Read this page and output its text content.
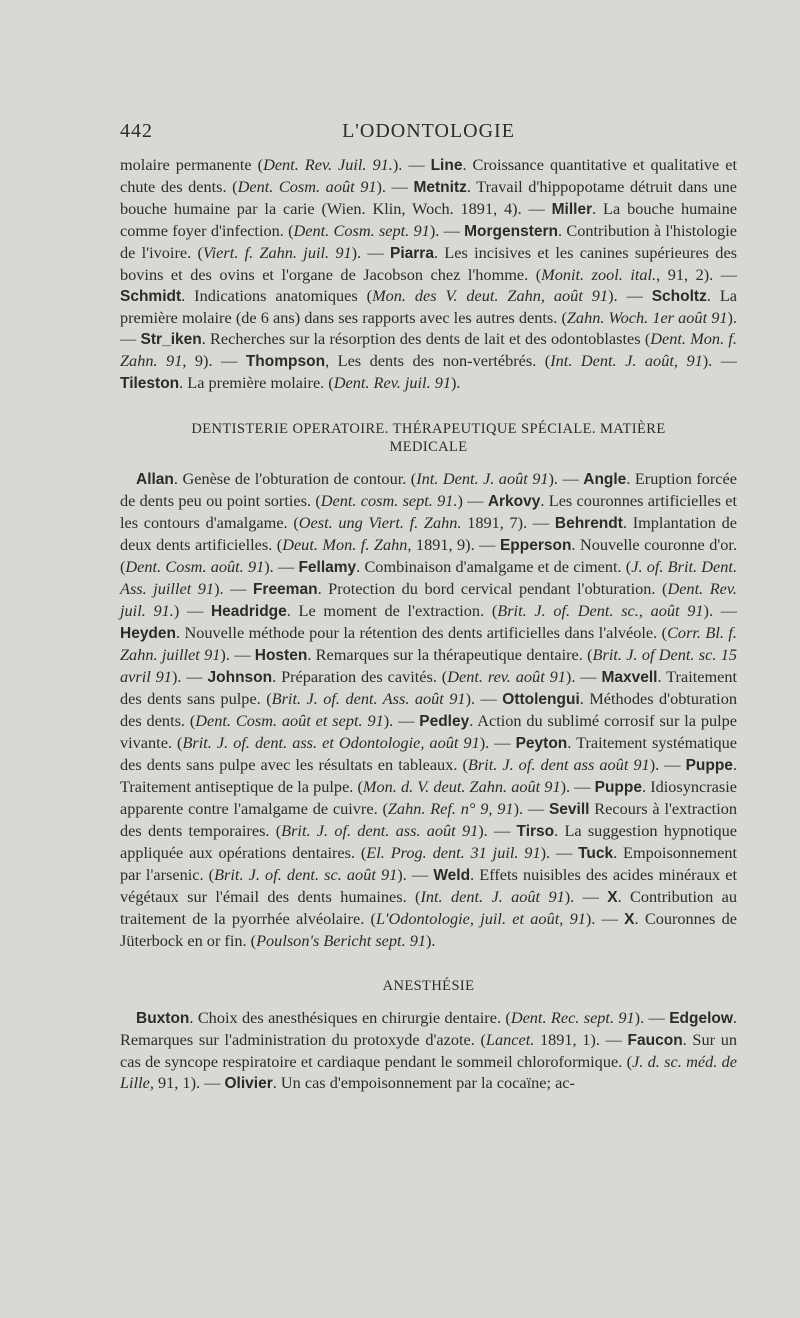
442	L'ODONTOLOGIE

molaire permanente (Dent. Rev. Juil. 91.). — Line. Croissance quantitative et qualitative et chute des dents. (Dent. Cosm. août 91). — Metnitz. Travail d'hippopotame détruit dans une bouche humaine par la carie (Wien. Klin, Woch. 1891, 4). — Miller. La bouche humaine comme foyer d'infection. (Dent. Cosm. sept. 91). — Morgenstern. Contribution à l'histologie de l'ivoire. (Viert. f. Zahn. juil. 91). — Piarra. Les incisives et les canines supérieures des bovins et des ovins et l'organe de Jacobson chez l'homme. (Monit. zool. ital., 91, 2). — Schmidt. Indications anatomiques (Mon. des V. deut. Zahn, août 91). — Scholtz. La première molaire (de 6 ans) dans ses rapports avec les autres dents. (Zahn. Woch. 1er août 91). — Str_iken. Recherches sur la résorption des dents de lait et des odontoblastes (Dent. Mon. f. Zahn. 91, 9). — Thompson, Les dents des non-vertébrés. (Int. Dent. J. août, 91). — Tileston. La première molaire. (Dent. Rev. juil. 91).

DENTISTERIE OPERATOIRE. THÉRAPEUTIQUE SPÉCIALE. MATIÈRE
MEDICALE

Allan. Genèse de l'obturation de contour. (Int. Dent. J. août 91). — Angle. Eruption forcée de dents peu ou point sorties. (Dent. cosm. sept. 91.) — Arkovy. Les couronnes artificielles et les contours d'amalgame. (Oest. ung Viert. f. Zahn. 1891, 7). — Behrendt. Implantation de deux dents artificielles. (Deut. Mon. f. Zahn, 1891, 9). — Epperson. Nouvelle couronne d'or. (Dent. Cosm. août. 91). — Fellamy. Combinaison d'amalgame et de ciment. (J. of. Brit. Dent. Ass. juillet 91). — Freeman. Protection du bord cervical pendant l'obturation. (Dent. Rev. juil. 91.) — Headridge. Le moment de l'extraction. (Brit. J. of. Dent. sc., août 91). — Heyden. Nouvelle méthode pour la rétention des dents artificielles dans l'alvéole. (Corr. Bl. f. Zahn. juillet 91). — Hosten. Remarques sur la thérapeutique dentaire. (Brit. J. of Dent. sc. 15 avril 91). — Johnson. Préparation des cavités. (Dent. rev. août 91). — Maxvell. Traitement des dents sans pulpe. (Brit. J. of. dent. Ass. août 91). — Ottolengui. Méthodes d'obturation des dents. (Dent. Cosm. août et sept. 91). — Pedley. Action du sublimé corrosif sur la pulpe vivante. (Brit. J. of. dent. ass. et Odontologie, août 91). — Peyton. Traitement systématique des dents sans pulpe avec les résultats en tableaux. (Brit. J. of. dent ass août 91). — Puppe. Traitement antiseptique de la pulpe. (Mon. d. V. deut. Zahn. août 91). — Puppe. Idiosyncrasie apparente contre l'amalgame de cuivre. (Zahn. Ref. n° 9, 91). — Sevill Recours à l'extraction des dents temporaires. (Brit. J. of. dent. ass. août 91). — Tirso. La suggestion hypnotique appliquée aux opérations dentaires. (El. Prog. dent. 31 juil. 91). — Tuck. Empoisonnement par l'arsenic. (Brit. J. of. dent. sc. août 91). — Weld. Effets nuisibles des acides minéraux et végétaux sur l'émail des dents humaines. (Int. dent. J. août 91). — X. Contribution au traitement de la pyorrhée alvéolaire. (L'Odontologie, juil. et août, 91). — X. Couronnes de Jüterbock en or fin. (Poulson's Bericht sept. 91).

ANESTHÉSIE

Buxton. Choix des anesthésiques en chirurgie dentaire. (Dent. Rec. sept. 91). — Edgelow. Remarques sur l'administration du protoxyde d'azote. (Lancet. 1891, 1). — Faucon. Sur un cas de syncope respiratoire et cardiaque pendant le sommeil chloroformique. (J. d. sc. méd. de Lille, 91, 1). — Olivier. Un cas d'empoisonnement par la cocaïne; ac-
